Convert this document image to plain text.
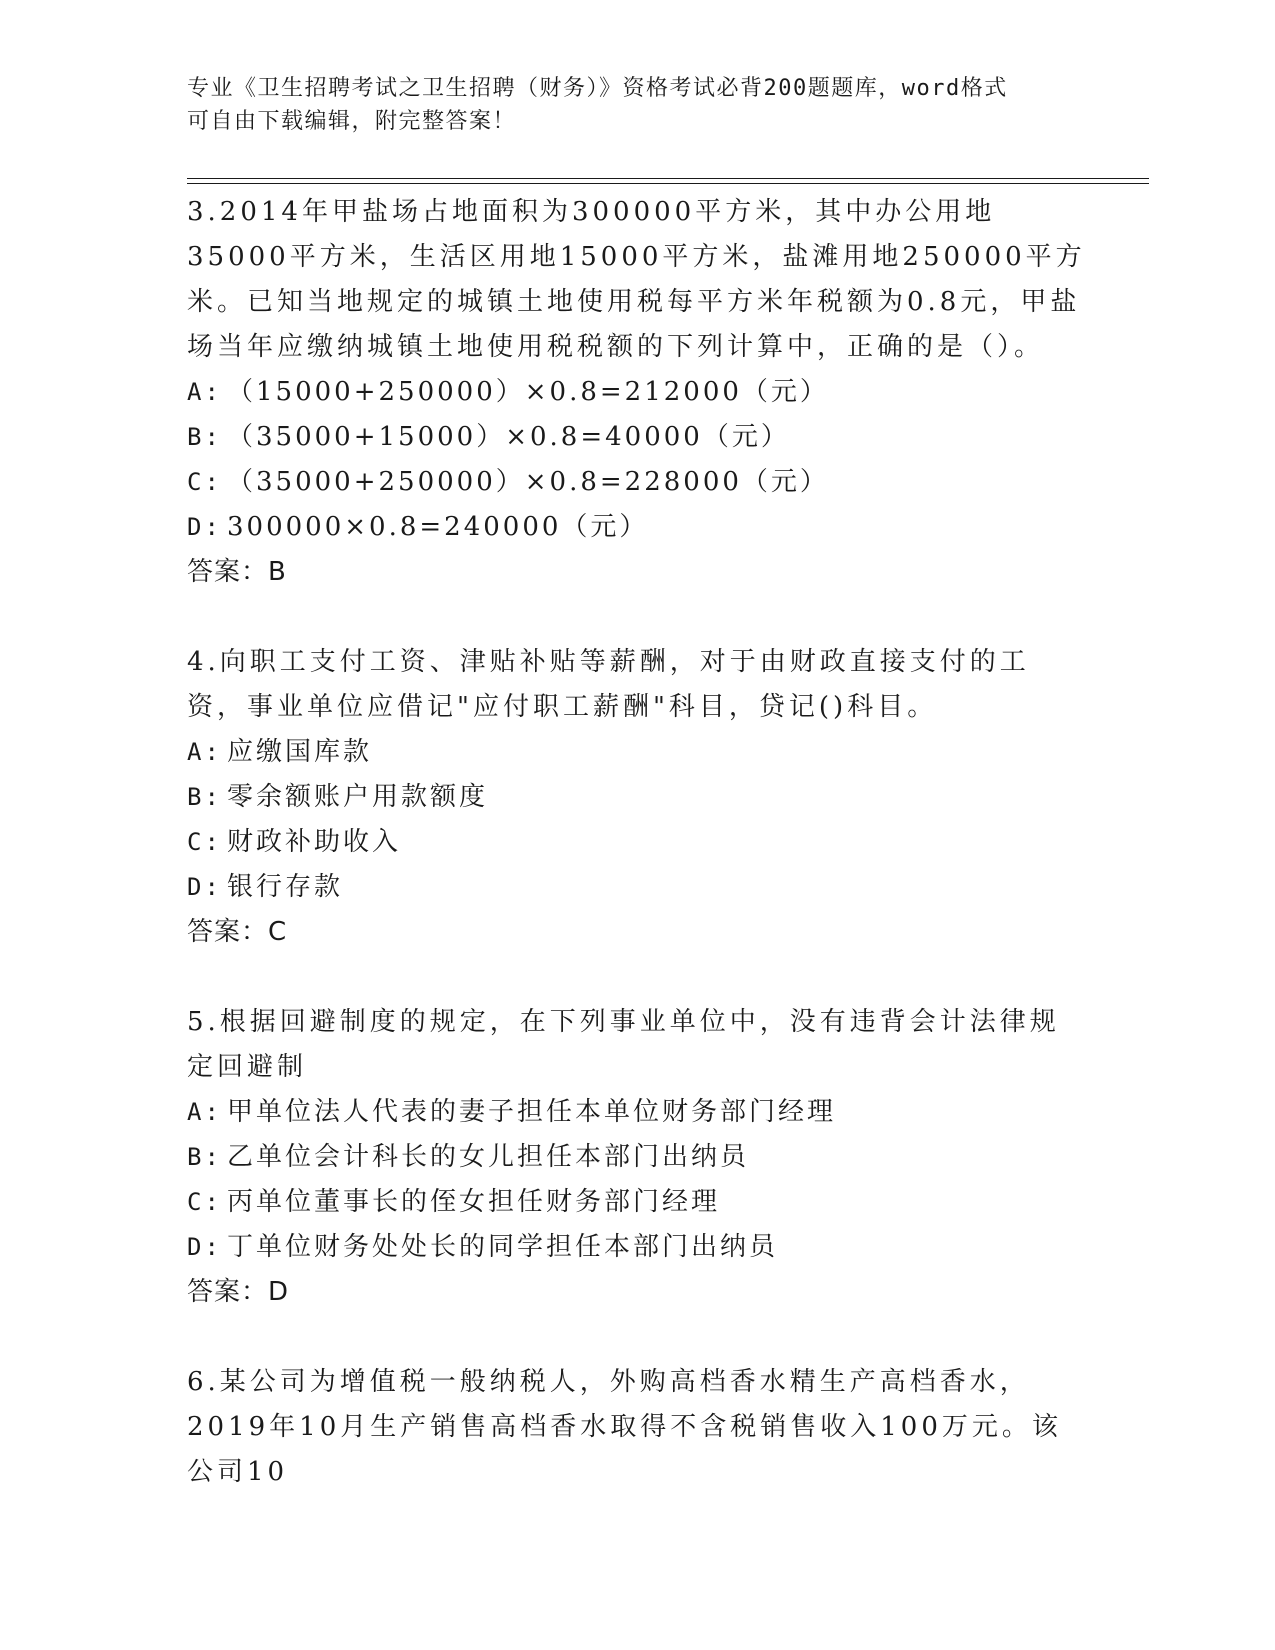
专业《卫生招聘考试之卫生招聘（财务）》资格考试必背200题题库，word格式
可自由下载编辑，附完整答案！
3.2014年甲盐场占地面积为300000平方米，其中办公用地35000平方米，生活区用地15000平方米，盐滩用地250000平方米。已知当地规定的城镇土地使用税每平方米年税额为0.8元，甲盐场当年应缴纳城镇土地使用税税额的下列计算中，正确的是（）。
A: （15000+250000）×0.8=212000（元）
B: （35000+15000）×0.8=40000（元）
C: （35000+250000）×0.8=228000（元）
D: 300000×0.8=240000（元）
答案：B
4.向职工支付工资、津贴补贴等薪酬，对于由财政直接支付的工资，事业单位应借记"应付职工薪酬"科目，贷记()科目。
A: 应缴国库款
B: 零余额账户用款额度
C: 财政补助收入
D: 银行存款
答案：C
5.根据回避制度的规定，在下列事业单位中，没有违背会计法律规定回避制
A: 甲单位法人代表的妻子担任本单位财务部门经理
B: 乙单位会计科长的女儿担任本部门出纳员
C: 丙单位董事长的侄女担任财务部门经理
D: 丁单位财务处处长的同学担任本部门出纳员
答案：D
6.某公司为增值税一般纳税人，外购高档香水精生产高档香水，2019年10月生产销售高档香水取得不含税销售收入100万元。该公司10
